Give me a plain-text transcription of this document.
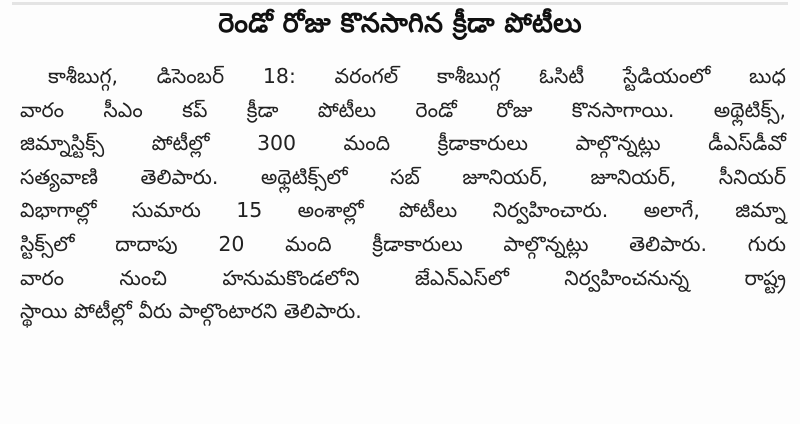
రెండో రోజు కొనసాగిన క్రీడా పోటీలు
కాశీబుగ్గ, డిసెంబర్ 18: వరంగల్ కాశీబుగ్గ ఓసిటీ స్టేడియంలో బుధ
వారం సీఎం కప్ క్రీడా పోటీలు రెండో రోజు కొనసాగాయి. అథ్లెటిక్స్,
జిమ్నాస్టిక్స్ పోటీల్లో 300 మంది క్రీడాకారులు పాల్గొన్నట్లు డీఎస్‌డీవో
సత్యవాణి తెలిపారు. అథ్లెటిక్స్‌లో సబ్ జూనియర్, జూనియర్, సీనియర్
విభాగాల్లో సుమారు 15 అంశాల్లో పోటీలు నిర్వహించారు. అలాగే, జిమ్నా
స్టిక్స్‌లో దాదాపు 20 మంది క్రీడాకారులు పాల్గొన్నట్లు తెలిపారు. గురు
వారం నుంచి హనుమకొండలోని జేఎన్ఎస్‌లో నిర్వహించనున్న రాష్ట్ర
స్థాయి పోటీల్లో వీరు పాల్గొంటారని తెలిపారు.
